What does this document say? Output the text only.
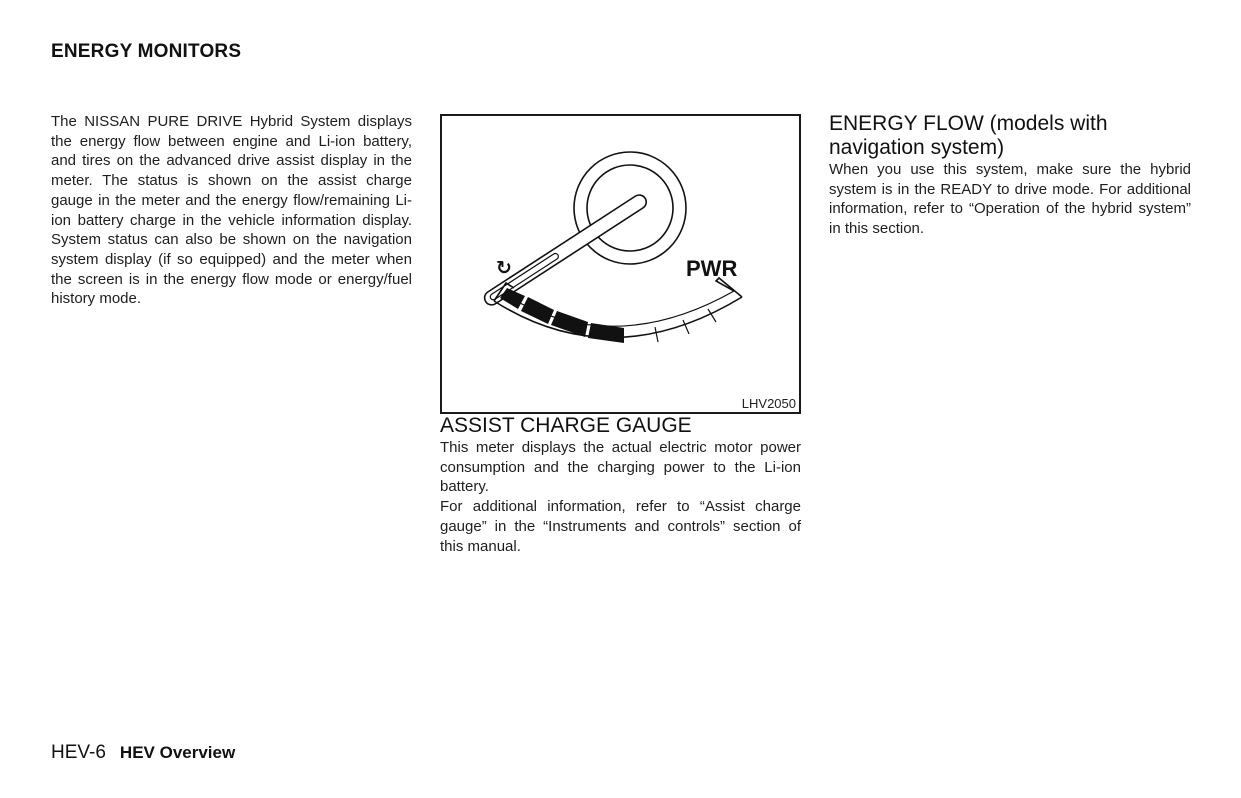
ENERGY MONITORS

The NISSAN PURE DRIVE Hybrid System displays the energy flow between engine and Li-ion battery, and tires on the advanced drive assist display in the meter. The status is shown on the assist charge gauge in the meter and the energy flow/remaining Li-ion battery charge in the vehicle information display. System status can also be shown on the navigation system display (if so equipped) and the meter when the screen is in the energy flow mode or energy/fuel history mode.

↻	PWR
LHV2050
ASSIST CHARGE GAUGE

This meter displays the actual electric motor power consumption and the charging power to the Li-ion battery.

For additional information, refer to “Assist charge gauge” in the “Instruments and controls” section of this manual.

ENERGY FLOW (models with navigation system)

When you use this system, make sure the hybrid system is in the READY to drive mode. For additional information, refer to “Operation of the hybrid system” in this section.

HEV-6 HEV Overview
